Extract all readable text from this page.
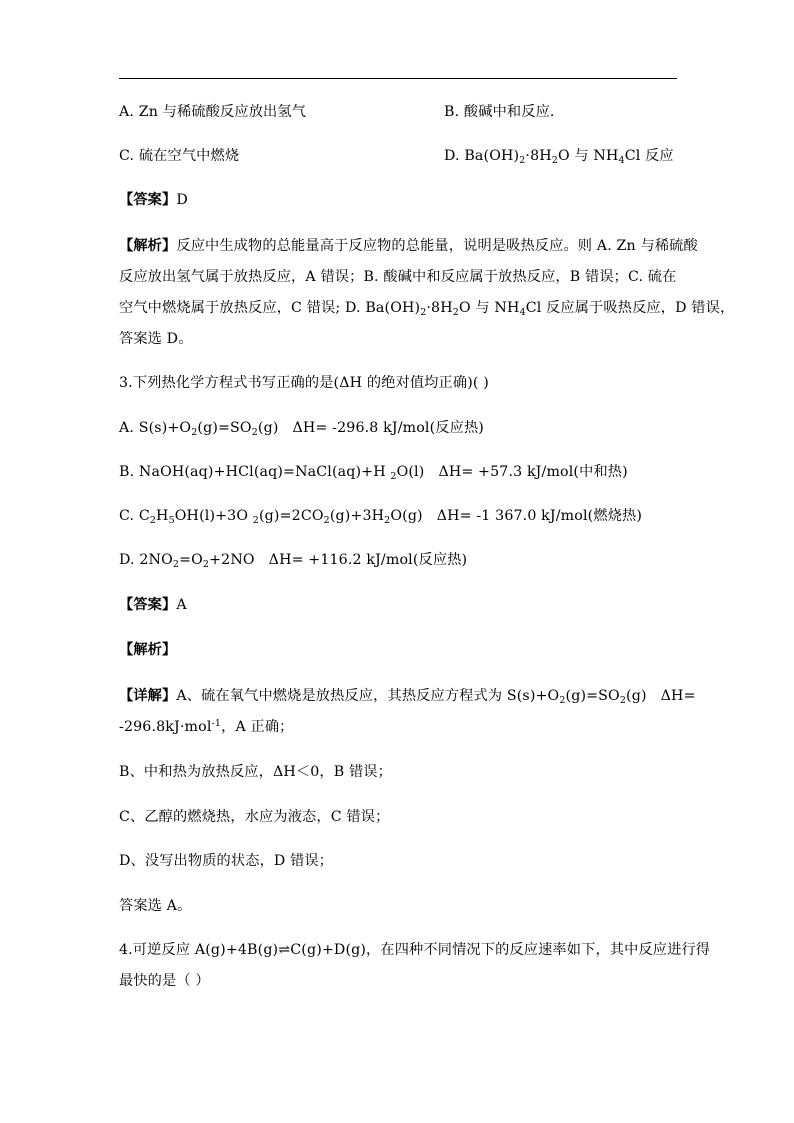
A. Zn 与稀硫酸反应放出氢气	B. 酸碱中和反应.
C. 硫在空气中燃烧	D. $Ba(OH)_2\cdot 8H_2O$ 与 $NH_4Cl$ 反应
【答案】D
【解析】反应中生成物的总能量高于反应物的总能量，说明是吸热反应。则 A. Zn 与稀硫酸
反应放出氢气属于放热反应，A 错误；B. 酸碱中和反应属于放热反应，B 错误；C. 硫在
空气中燃烧属于放热反应，C 错误; D. $Ba(OH)_2\cdot 8H_2O$ 与 $NH_4Cl$ 反应属于吸热反应，D 错误，
答案选 D。
3.下列热化学方程式书写正确的是(ΔH 的绝对值均正确)( )
A. $S(s)+O_2(g)=SO_2(g)$ ΔH= -296.8 kJ/mol(反应热)
B. NaOH(aq)+HCl(aq)=NaCl(aq)+H $_2$O(l) ΔH= +57.3 kJ/mol(中和热)
C. $C_2H_5OH(l)+3O$ $_2(g)=2CO_2(g)+3H_2O(g)$ ΔH= -1 367.0 kJ/mol(燃烧热)
D. $2NO_2=O_2+2NO$ ΔH= +116.2 kJ/mol(反应热)
【答案】A
【解析】
【详解】A、硫在氧气中燃烧是放热反应，其热反应方程式为 $S(s)+O_2(g)=SO_2(g)$ ΔH=
-296.8kJ·mol$^{-1}$，A 正确；
B、中和热为放热反应，ΔH＜0，B 错误；
C、乙醇的燃烧热，水应为液态，C 错误；
D、没写出物质的状态，D 错误；
答案选 A。
4.可逆反应 A(g)+4B(g)⇌C(g)+D(g)，在四种不同情况下的反应速率如下，其中反应进行得
最快的是（ ）
